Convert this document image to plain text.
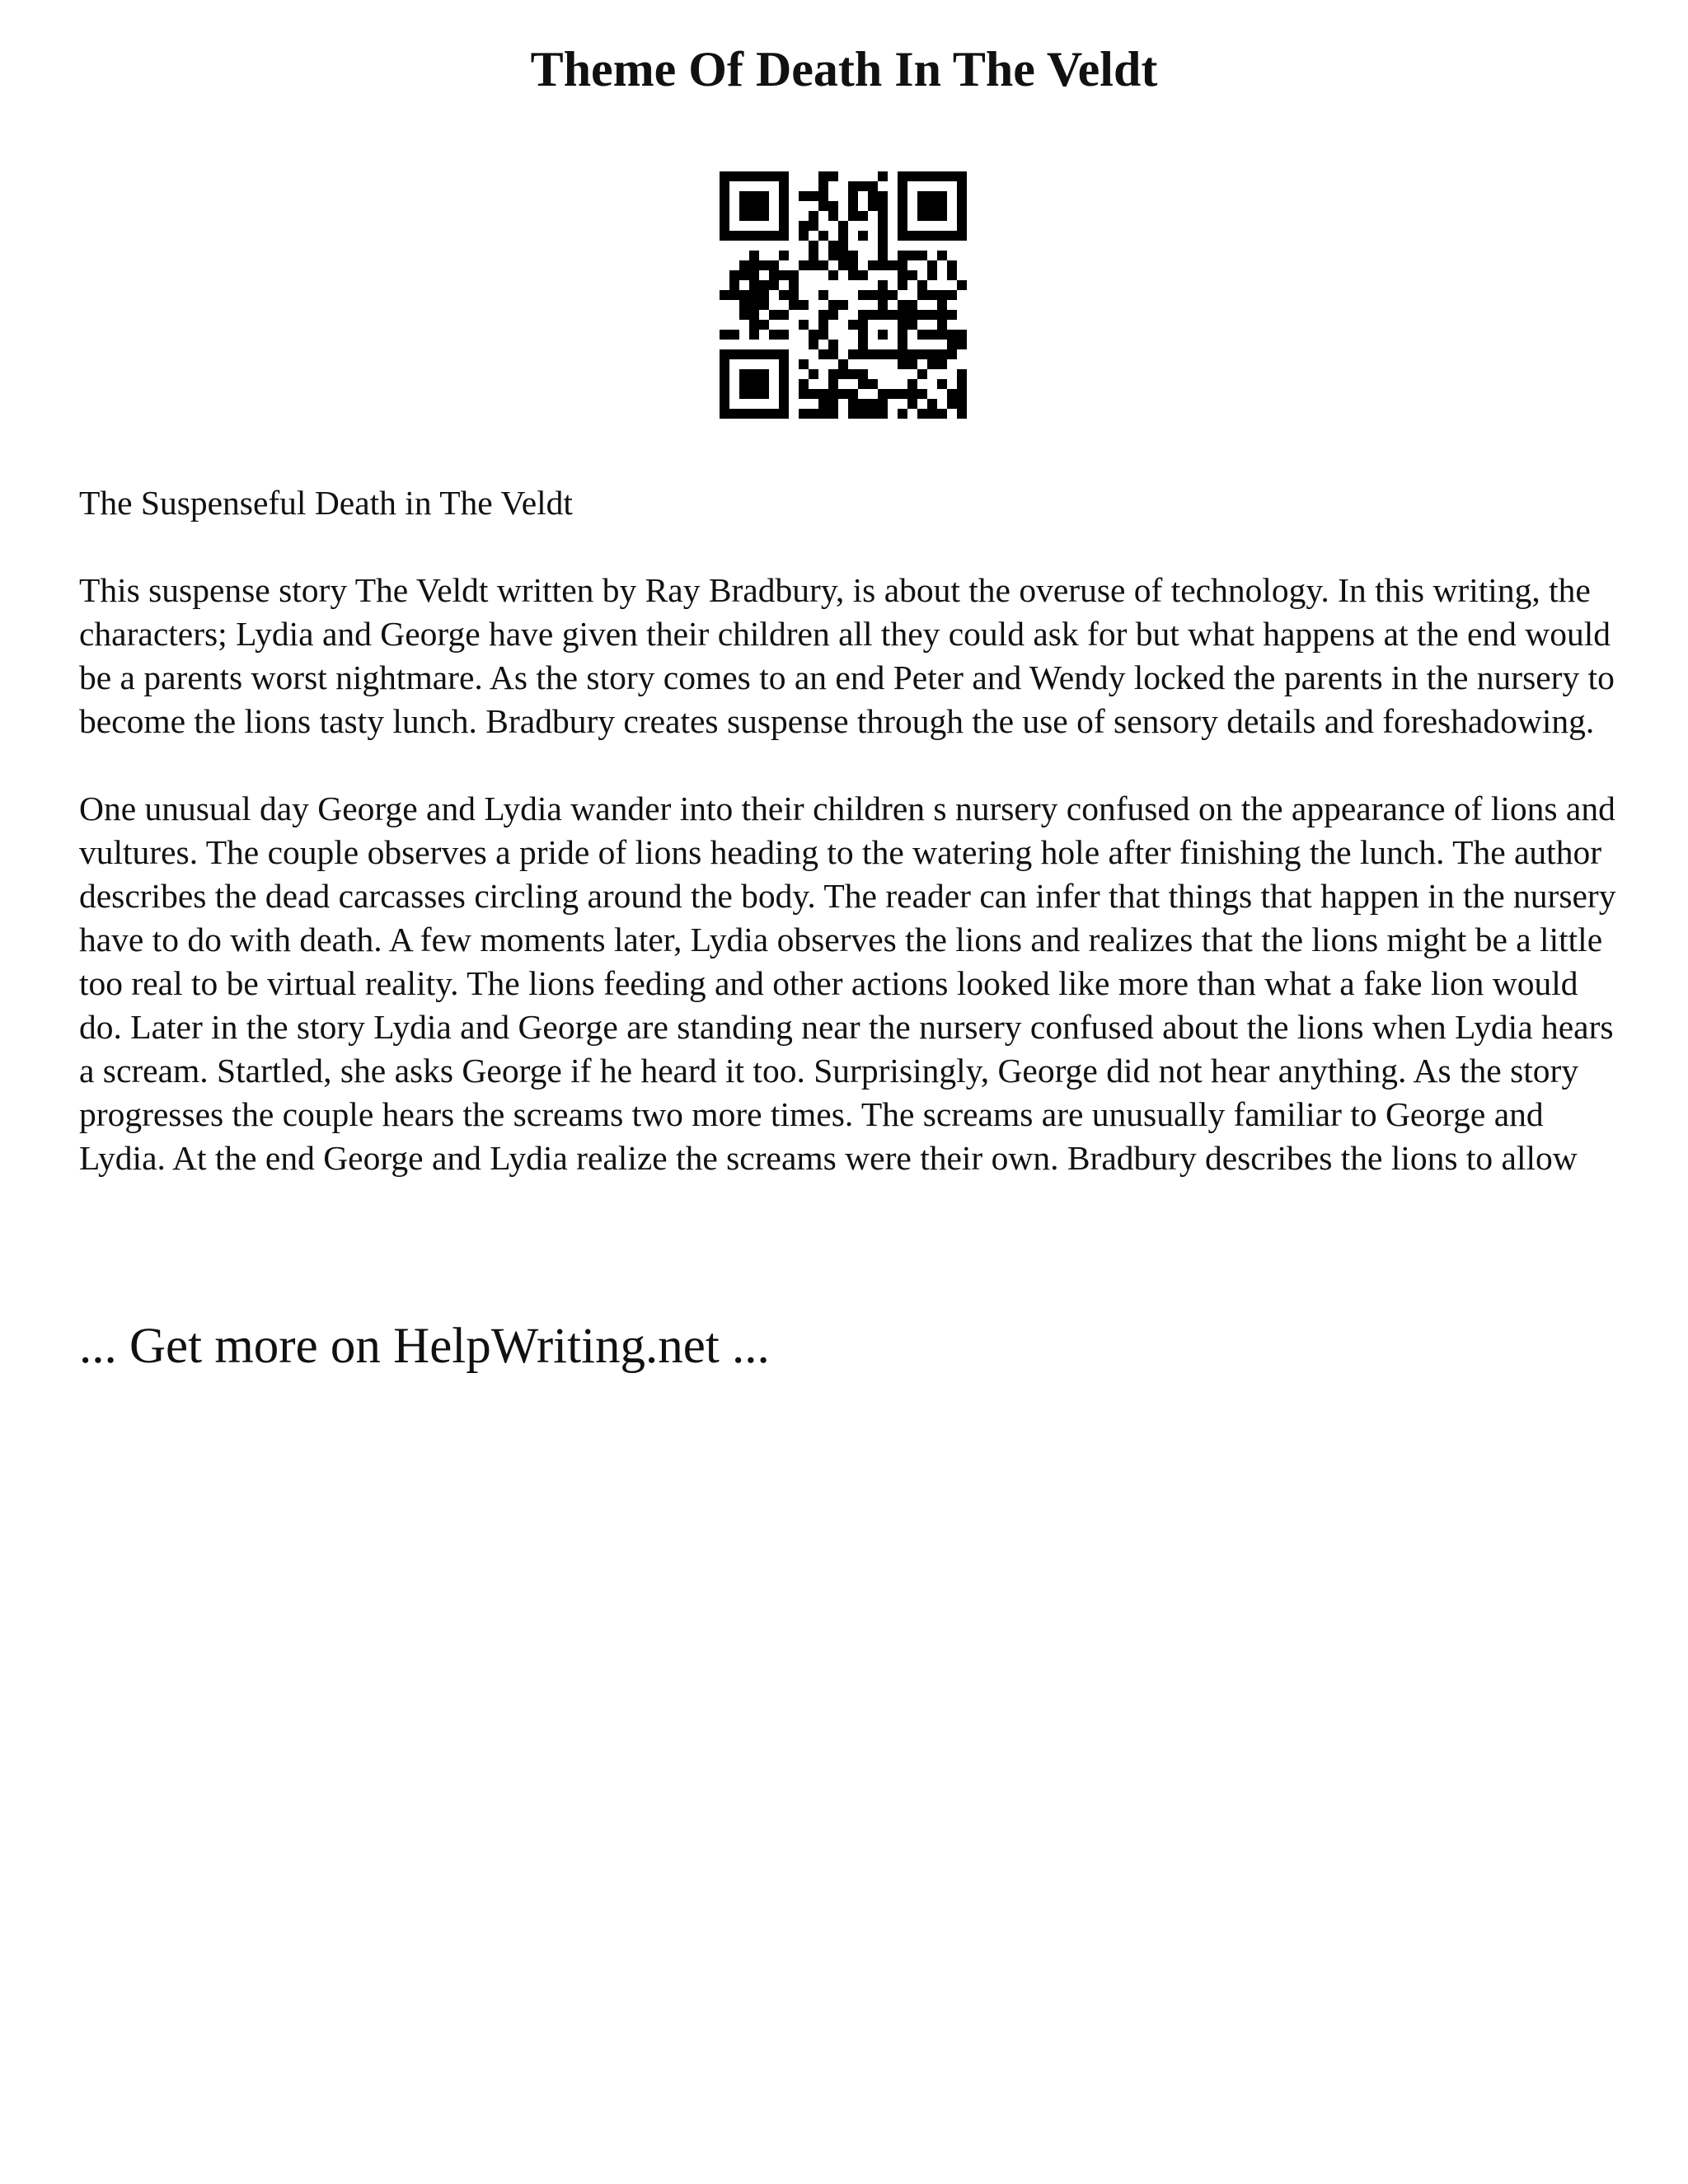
Theme Of Death In The Veldt

The Suspenseful Death in The Veldt

This suspense story The Veldt written by Ray Bradbury, is about the overuse of technology. In this writing, the characters; Lydia and George have given their children all they could ask for but what happens at the end would be a parents worst nightmare. As the story comes to an end Peter and Wendy locked the parents in the nursery to become the lions tasty lunch. Bradbury creates suspense through the use of sensory details and foreshadowing.

One unusual day George and Lydia wander into their children s nursery confused on the appearance of lions and vultures. The couple observes a pride of lions heading to the watering hole after finishing the lunch. The author describes the dead carcasses circling around the body. The reader can infer that things that happen in the nursery have to do with death. A few moments later, Lydia observes the lions and realizes that the lions might be a little too real to be virtual reality. The lions feeding and other actions looked like more than what a fake lion would do. Later in the story Lydia and George are standing near the nursery confused about the lions when Lydia hears a scream. Startled, she asks George if he heard it too. Surprisingly, George did not hear anything. As the story progresses the couple hears the screams two more times. The screams are unusually familiar to George and Lydia. At the end George and Lydia realize the screams were their own. Bradbury describes the lions to allow

... Get more on HelpWriting.net ...
